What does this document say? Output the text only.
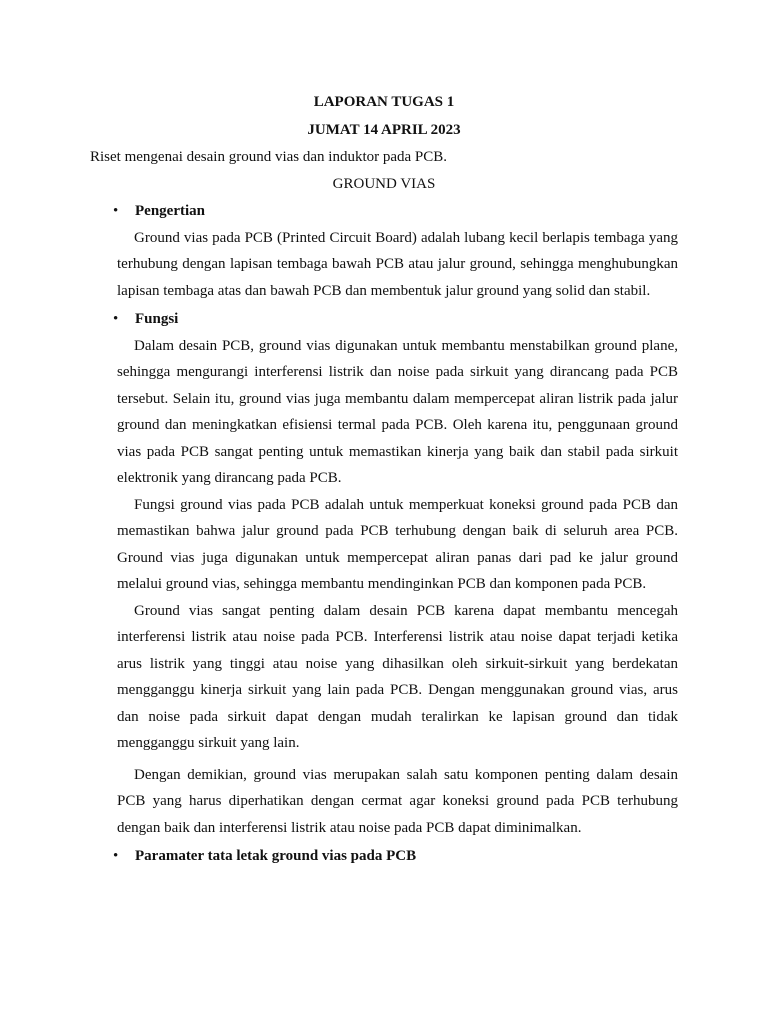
LAPORAN TUGAS 1
JUMAT 14 APRIL 2023
Riset mengenai desain ground vias dan induktor pada PCB.
GROUND VIAS
• Pengertian

Ground vias pada PCB (Printed Circuit Board) adalah lubang kecil berlapis tembaga yang terhubung dengan lapisan tembaga bawah PCB atau jalur ground, sehingga menghubungkan lapisan tembaga atas dan bawah PCB dan membentuk jalur ground yang solid dan stabil.

• Fungsi

Dalam desain PCB, ground vias digunakan untuk membantu menstabilkan ground plane, sehingga mengurangi interferensi listrik dan noise pada sirkuit yang dirancang pada PCB tersebut. Selain itu, ground vias juga membantu dalam mempercepat aliran listrik pada jalur ground dan meningkatkan efisiensi termal pada PCB. Oleh karena itu, penggunaan ground vias pada PCB sangat penting untuk memastikan kinerja yang baik dan stabil pada sirkuit elektronik yang dirancang pada PCB.

Fungsi ground vias pada PCB adalah untuk memperkuat koneksi ground pada PCB dan memastikan bahwa jalur ground pada PCB terhubung dengan baik di seluruh area PCB. Ground vias juga digunakan untuk mempercepat aliran panas dari pad ke jalur ground melalui ground vias, sehingga membantu mendinginkan PCB dan komponen pada PCB.

Ground vias sangat penting dalam desain PCB karena dapat membantu mencegah interferensi listrik atau noise pada PCB. Interferensi listrik atau noise dapat terjadi ketika arus listrik yang tinggi atau noise yang dihasilkan oleh sirkuit-sirkuit yang berdekatan mengganggu kinerja sirkuit yang lain pada PCB. Dengan menggunakan ground vias, arus dan noise pada sirkuit dapat dengan mudah teralirkan ke lapisan ground dan tidak mengganggu sirkuit yang lain.

Dengan demikian, ground vias merupakan salah satu komponen penting dalam desain PCB yang harus diperhatikan dengan cermat agar koneksi ground pada PCB terhubung dengan baik dan interferensi listrik atau noise pada PCB dapat diminimalkan.

• Paramater tata letak ground vias pada PCB
